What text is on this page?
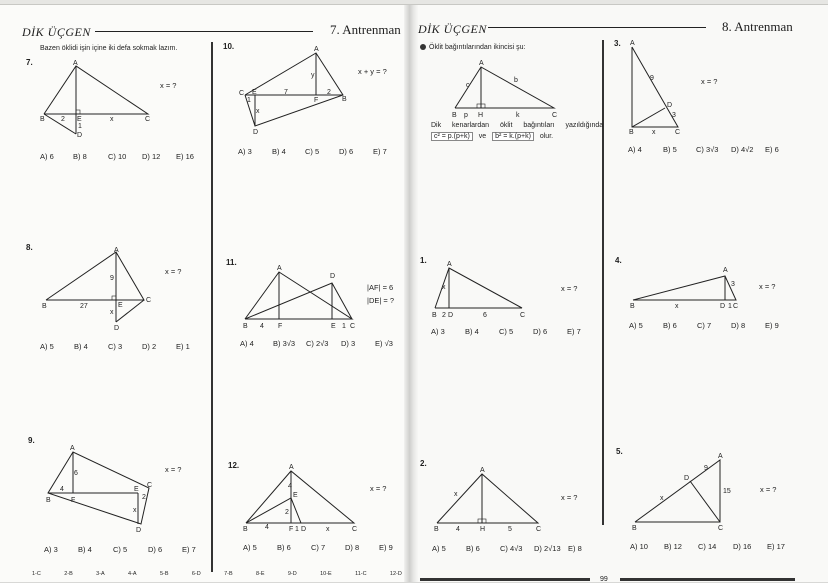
DİK ÜÇGEN	7. Antrenman
Bazen öklidi işin içine iki defa sokmak lazım.
7.
x = ?
A
B 2 E	x	C
1
D
A) 6	B) 8	C) 10	D) 12	E) 16
8.
x = ?
A
9
B	27	E
C
x
D
A) 5	B) 4	C) 3	D) 2	E) 1
9.
x = ?
A
6
B
4
F
E
C
2
x
D
A) 3	B) 4	C) 5	D) 6	E) 7
10.
x + y = ?
A
y
C E	7
F
2
B
1
x
D
A) 3	B) 4	C) 5	D) 6	E) 7
11.
|AF| = 6
|DE| = ?
A
D
B 4 F	E 1 C
A) 4	B) 3√3	C) 2√3	D) 3	E) √3
12.
x = ?
A
4
E
2
B 4	F 1 D	x	C
A) 5	B) 6	C) 7	D) 8	E) 9
1-C	2-B	3-A	4-A	5-B	6-D	7-B	8-E	9-D	10-E	11-C	12-D
DİK ÜÇGEN	8. Antrenman
Öklit bağıntılarından ikincisi şu:
A
c
b
B p H	k	C
Dik kenarlardan öklit bağıntıları yazıldığında
c² = p.(p+k) ve b² = k.(p+k) olur.
1.
x = ?
A
x
B 2 D	6	C
A) 3	B) 4	C) 5	D) 6	E) 7
2.
x = ?
A
x
B 4	H	5	C
A) 5	B) 6	C) 4√3	D) 2√13 E) 8
3.
x = ?
A
9
D
3
B	x	C
A) 4	B) 5	C) 3√3	D) 4√2	E) 6
4.
x = ?
A
3
B	x	D 1 C
A) 5	B) 6	C) 7	D) 8	E) 9
5.
x = ?
A
9
D
15
x
B	C
A) 10	B) 12	C) 14	D) 16	E) 17
99
